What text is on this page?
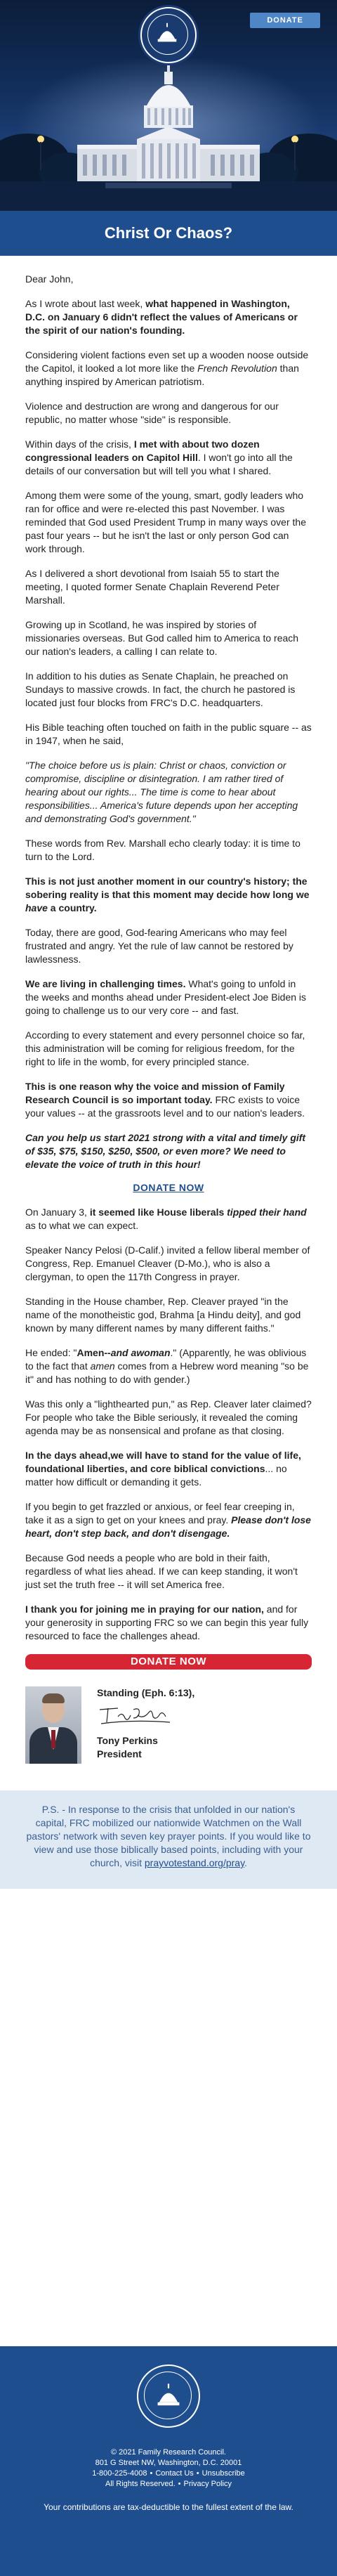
DONATE
Christ Or Chaos?

Dear John,

As I wrote about last week, what happened in Washington, D.C. on January 6 didn't reflect the values of Americans or the spirit of our nation's founding.

Considering violent factions even set up a wooden noose outside the Capitol, it looked a lot more like the French Revolution than anything inspired by American patriotism.

Violence and destruction are wrong and dangerous for our republic, no matter whose "side" is responsible.

Within days of the crisis, I met with about two dozen congressional leaders on Capitol Hill. I won't go into all the details of our conversation but will tell you what I shared.

Among them were some of the young, smart, godly leaders who ran for office and were re-elected this past November. I was reminded that God used President Trump in many ways over the past four years -- but he isn't the last or only person God can work through.

As I delivered a short devotional from Isaiah 55 to start the meeting, I quoted former Senate Chaplain Reverend Peter Marshall.

Growing up in Scotland, he was inspired by stories of missionaries overseas. But God called him to America to reach our nation's leaders, a calling I can relate to.

In addition to his duties as Senate Chaplain, he preached on Sundays to massive crowds. In fact, the church he pastored is located just four blocks from FRC's D.C. headquarters.

His Bible teaching often touched on faith in the public square -- as in 1947, when he said,

"The choice before us is plain: Christ or chaos, conviction or compromise, discipline or disintegration. I am rather tired of hearing about our rights... The time is come to hear about responsibilities... America's future depends upon her accepting and demonstrating God's government."

These words from Rev. Marshall echo clearly today: it is time to turn to the Lord.

This is not just another moment in our country's history; the sobering reality is that this moment may decide how long we have a country.

Today, there are good, God-fearing Americans who may feel frustrated and angry. Yet the rule of law cannot be restored by lawlessness.

We are living in challenging times. What's going to unfold in the weeks and months ahead under President-elect Joe Biden is going to challenge us to our very core -- and fast.

According to every statement and every personnel choice so far, this administration will be coming for religious freedom, for the right to life in the womb, for every principled stance.

This is one reason why the voice and mission of Family Research Council is so important today. FRC exists to voice your values -- at the grassroots level and to our nation's leaders.

Can you help us start 2021 strong with a vital and timely gift of $35, $75, $150, $250, $500, or even more? We need to elevate the voice of truth in this hour!

DONATE NOW

On January 3, it seemed like House liberals tipped their hand as to what we can expect.

Speaker Nancy Pelosi (D-Calif.) invited a fellow liberal member of Congress, Rep. Emanuel Cleaver (D-Mo.), who is also a clergyman, to open the 117th Congress in prayer.

Standing in the House chamber, Rep. Cleaver prayed "in the name of the monotheistic god, Brahma [a Hindu deity], and god known by many different names by many different faiths."

He ended: "Amen--and awoman." (Apparently, he was oblivious to the fact that amen comes from a Hebrew word meaning "so be it" and has nothing to do with gender.)

Was this only a "lighthearted pun," as Rep. Cleaver later claimed? For people who take the Bible seriously, it revealed the coming agenda may be as nonsensical and profane as that closing.

In the days ahead,we will have to stand for the value of life, foundational liberties, and core biblical convictions... no matter how difficult or demanding it gets.

If you begin to get frazzled or anxious, or feel fear creeping in, take it as a sign to get on your knees and pray. Please don't lose heart, don't step back, and don't disengage.

Because God needs a people who are bold in their faith, regardless of what lies ahead. If we can keep standing, it won't just set the truth free -- it will set America free.

I thank you for joining me in praying for our nation, and for your generosity in supporting FRC so we can begin this year fully resourced to face the challenges ahead.

DONATE NOW
Standing (Eph. 6:13),
Tony Perkins
President
P.S. - In response to the crisis that unfolded in our nation's capital, FRC mobilized our nationwide Watchmen on the Wall pastors' network with seven key prayer points. If you would like to view and use those biblically based points, including with your church, visit prayvotestand.org/pray.
© 2021 Family Research Council.
801 G Street NW, Washington, D.C. 20001
1-800-225-4008 • Contact Us • Unsubscribe
All Rights Reserved. • Privacy Policy
Your contributions are tax-deductible to the fullest extent of the law.
